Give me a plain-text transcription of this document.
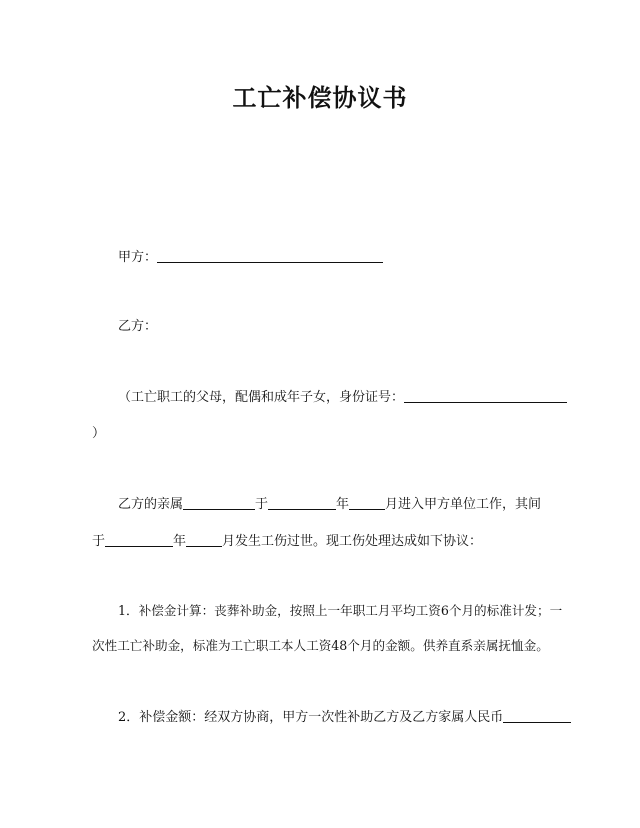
工亡补偿协议书
甲方：
乙方：
（工亡职工的父母，配偶和成年子女，身份证号：
）
乙方的亲属	于	年	月进入甲方单位工作，其间
于	年	月发生工伤过世。现工伤处理达成如下协议：
1．补偿金计算：丧葬补助金，按照上一年职工月平均工资6个月的标准计发；一
次性工亡补助金，标准为工亡职工本人工资48个月的金额。供养直系亲属抚恤金。
2．补偿金额：经双方协商，甲方一次性补助乙方及乙方家属人民币
